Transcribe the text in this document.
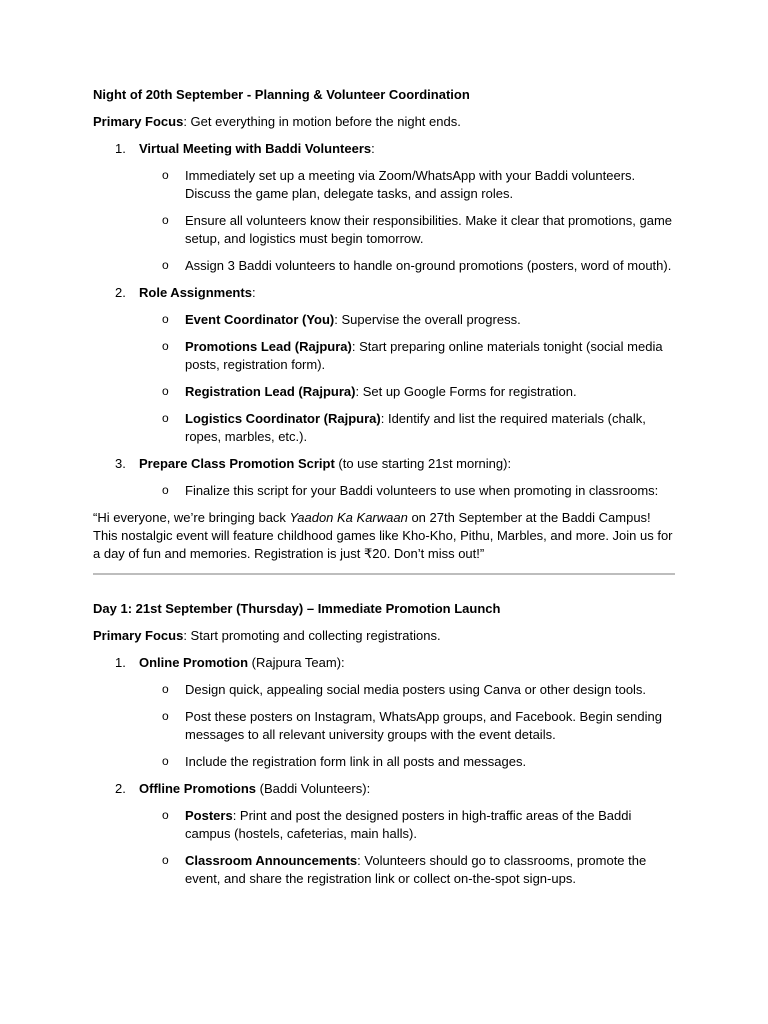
Night of 20th September - Planning & Volunteer Coordination

Primary Focus: Get everything in motion before the night ends.

1. Virtual Meeting with Baddi Volunteers:
o Immediately set up a meeting via Zoom/WhatsApp with your Baddi volunteers. Discuss the game plan, delegate tasks, and assign roles.
o Ensure all volunteers know their responsibilities. Make it clear that promotions, game setup, and logistics must begin tomorrow.
o Assign 3 Baddi volunteers to handle on-ground promotions (posters, word of mouth).
2. Role Assignments:
o Event Coordinator (You): Supervise the overall progress.
o Promotions Lead (Rajpura): Start preparing online materials tonight (social media posts, registration form).
o Registration Lead (Rajpura): Set up Google Forms for registration.
o Logistics Coordinator (Rajpura): Identify and list the required materials (chalk, ropes, marbles, etc.).
3. Prepare Class Promotion Script (to use starting 21st morning):
o Finalize this script for your Baddi volunteers to use when promoting in classrooms:

“Hi everyone, we’re bringing back Yaadon Ka Karwaan on 27th September at the Baddi Campus! This nostalgic event will feature childhood games like Kho-Kho, Pithu, Marbles, and more. Join us for a day of fun and memories. Registration is just ₹20. Don’t miss out!”

Day 1: 21st September (Thursday) – Immediate Promotion Launch

Primary Focus: Start promoting and collecting registrations.

1. Online Promotion (Rajpura Team):
o Design quick, appealing social media posters using Canva or other design tools.
o Post these posters on Instagram, WhatsApp groups, and Facebook. Begin sending messages to all relevant university groups with the event details.
o Include the registration form link in all posts and messages.
2. Offline Promotions (Baddi Volunteers):
o Posters: Print and post the designed posters in high-traffic areas of the Baddi campus (hostels, cafeterias, main halls).
o Classroom Announcements: Volunteers should go to classrooms, promote the event, and share the registration link or collect on-the-spot sign-ups.
